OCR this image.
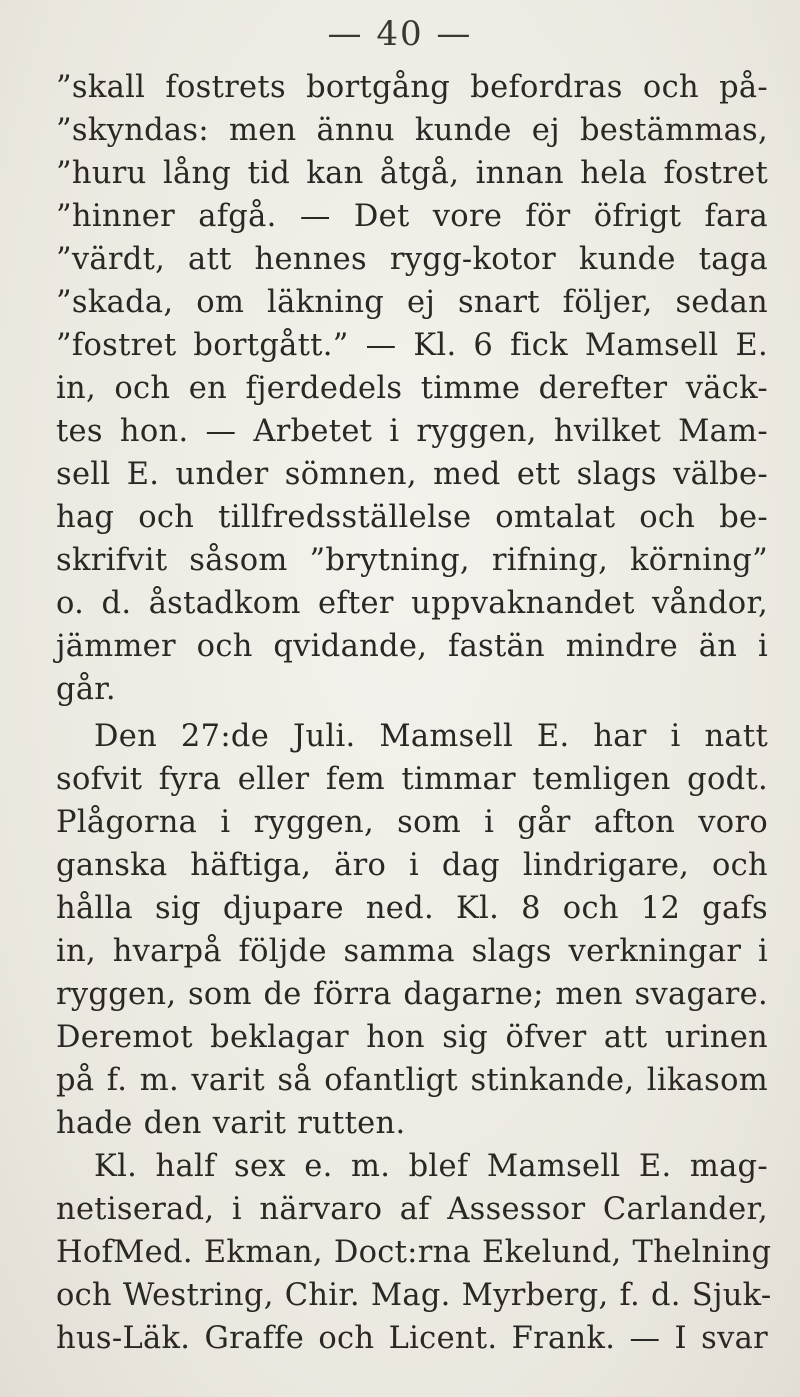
— 40 —
”skall fostrets bortgång befordras och på-
”skyndas: men ännu kunde ej bestämmas,
”huru lång tid kan åtgå, innan hela fostret
”hinner afgå. — Det vore för öfrigt fara
”värdt, att hennes rygg-kotor kunde taga
”skada, om läkning ej snart följer, sedan
”fostret bortgått.” — Kl. 6 fick Mamsell E.
in, och en fjerdedels timme derefter väck-
tes hon. — Arbetet i ryggen, hvilket Mam-
sell E. under sömnen, med ett slags välbe-
hag och tillfredsställelse omtalat och be-
skrifvit såsom ”brytning, rifning, körning”
o. d. åstadkom efter uppvaknandet våndor,
jämmer och qvidande, fastän mindre än i
går.
Den 27:de Juli. Mamsell E. har i natt
sofvit fyra eller fem timmar temligen godt.
Plågorna i ryggen, som i går afton voro
ganska häftiga, äro i dag lindrigare, och
hålla sig djupare ned. Kl. 8 och 12 gafs
in, hvarpå följde samma slags verkningar i
ryggen, som de förra dagarne; men svagare.
Deremot beklagar hon sig öfver att urinen
på f. m. varit så ofantligt stinkande, likasom
hade den varit rutten.
Kl. half sex e. m. blef Mamsell E. mag-
netiserad, i närvaro af Assessor Carlander,
HofMed. Ekman, Doct:rna Ekelund, Thelning
och Westring, Chir. Mag. Myrberg, f. d. Sjuk-
hus-Läk. Graffe och Licent. Frank. — I svar
